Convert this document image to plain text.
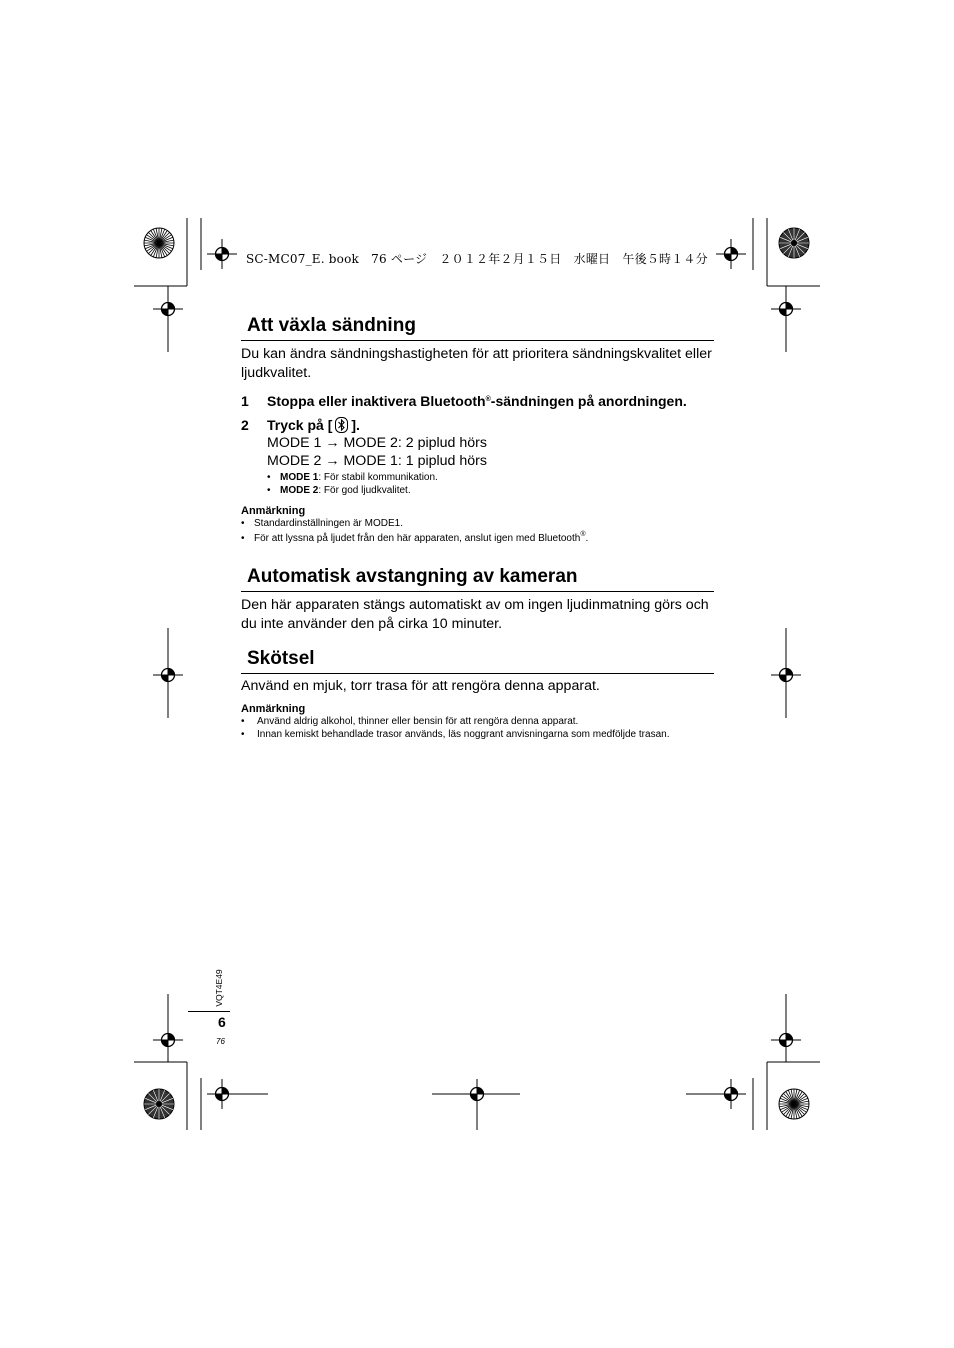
SC-MC07_E. book　76 ページ　２０１２年２月１５日　水曜日　午後５時１４分
Att växla sändning
Du kan ändra sändningshastigheten för att prioritera sändningskvalitet eller ljudkvalitet.
1 Stoppa eller inaktivera Bluetooth®-sändningen på anordningen.
2 Tryck på [ ].
MODE 1 → MODE 2: 2 piplud hörs
MODE 2 → MODE 1: 1 piplud hörs
• MODE 1: För stabil kommunikation.
• MODE 2: För god ljudkvalitet.
Anmärkning
• Standardinställningen är MODE1.
• För att lyssna på ljudet från den här apparaten, anslut igen med Bluetooth®.
Automatisk avstangning av kameran
Den här apparaten stängs automatiskt av om ingen ljudinmatning görs och du inte använder den på cirka 10 minuter.
Skötsel
Använd en mjuk, torr trasa för att rengöra denna apparat.
Anmärkning
• Använd aldrig alkohol, thinner eller bensin för att rengöra denna apparat.
• Innan kemiskt behandlade trasor används, läs noggrant anvisningarna som medföljde trasan.
VQT4E49
6
76
